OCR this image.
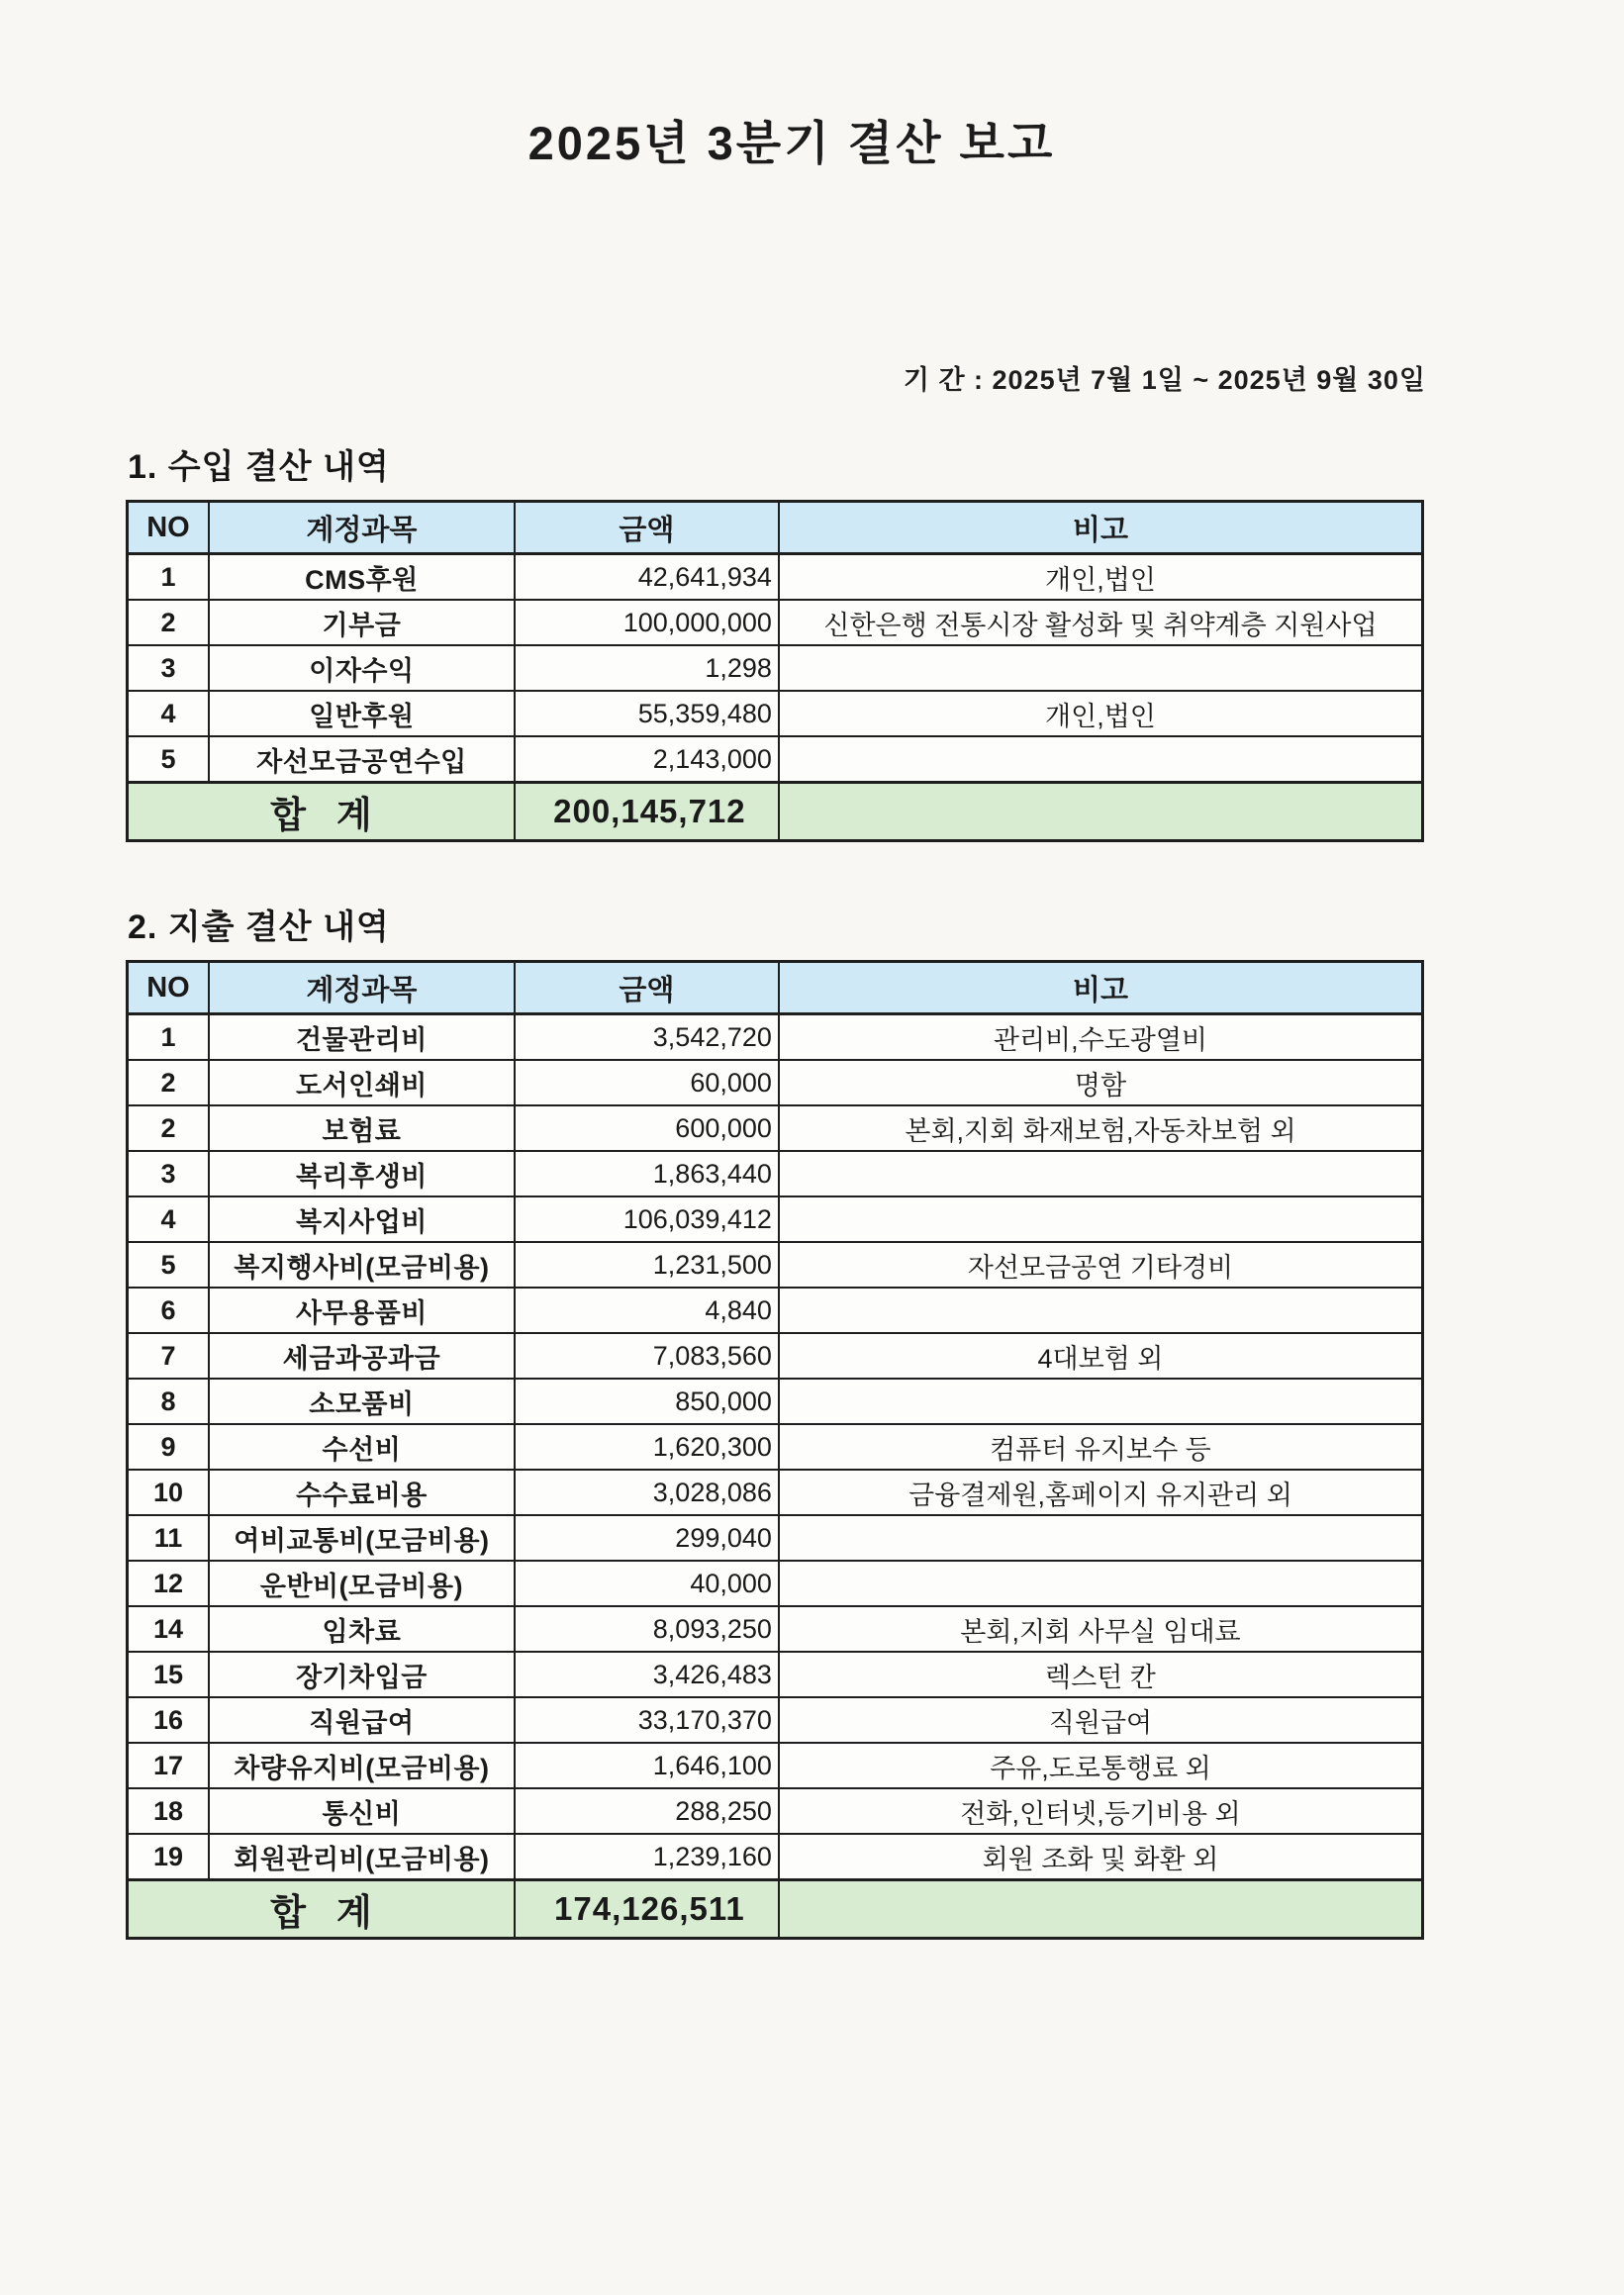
2025년 3분기 결산 보고
기 간 : 2025년 7월 1일 ~ 2025년 9월 30일
1. 수입 결산 내역
NO	계정과목	금액	비고
1	CMS후원	42,641,934	개인,법인
2	기부금	100,000,000	신한은행 전통시장 활성화 및 취약계층 지원사업
3	이자수익	1,298	
4	일반후원	55,359,480	개인,법인
5	자선모금공연수입	2,143,000	
합   계		200,145,712	
2. 지출 결산 내역
NO	계정과목	금액	비고
1	건물관리비	3,542,720	관리비,수도광열비
2	도서인쇄비	60,000	명함
2	보험료	600,000	본회,지회 화재보험,자동차보험 외
3	복리후생비	1,863,440	
4	복지사업비	106,039,412	
5	복지행사비(모금비용)	1,231,500	자선모금공연 기타경비
6	사무용품비	4,840	
7	세금과공과금	7,083,560	4대보험 외
8	소모품비	850,000	
9	수선비	1,620,300	컴퓨터 유지보수 등
10	수수료비용	3,028,086	금융결제원,홈페이지 유지관리 외
11	여비교통비(모금비용)	299,040	
12	운반비(모금비용)	40,000	
14	임차료	8,093,250	본회,지회 사무실 임대료
15	장기차입금	3,426,483	렉스턴 칸
16	직원급여	33,170,370	직원급여
17	차량유지비(모금비용)	1,646,100	주유,도로통행료 외
18	통신비	288,250	전화,인터넷,등기비용 외
19	회원관리비(모금비용)	1,239,160	회원 조화 및 화환 외
합   계		174,126,511	
